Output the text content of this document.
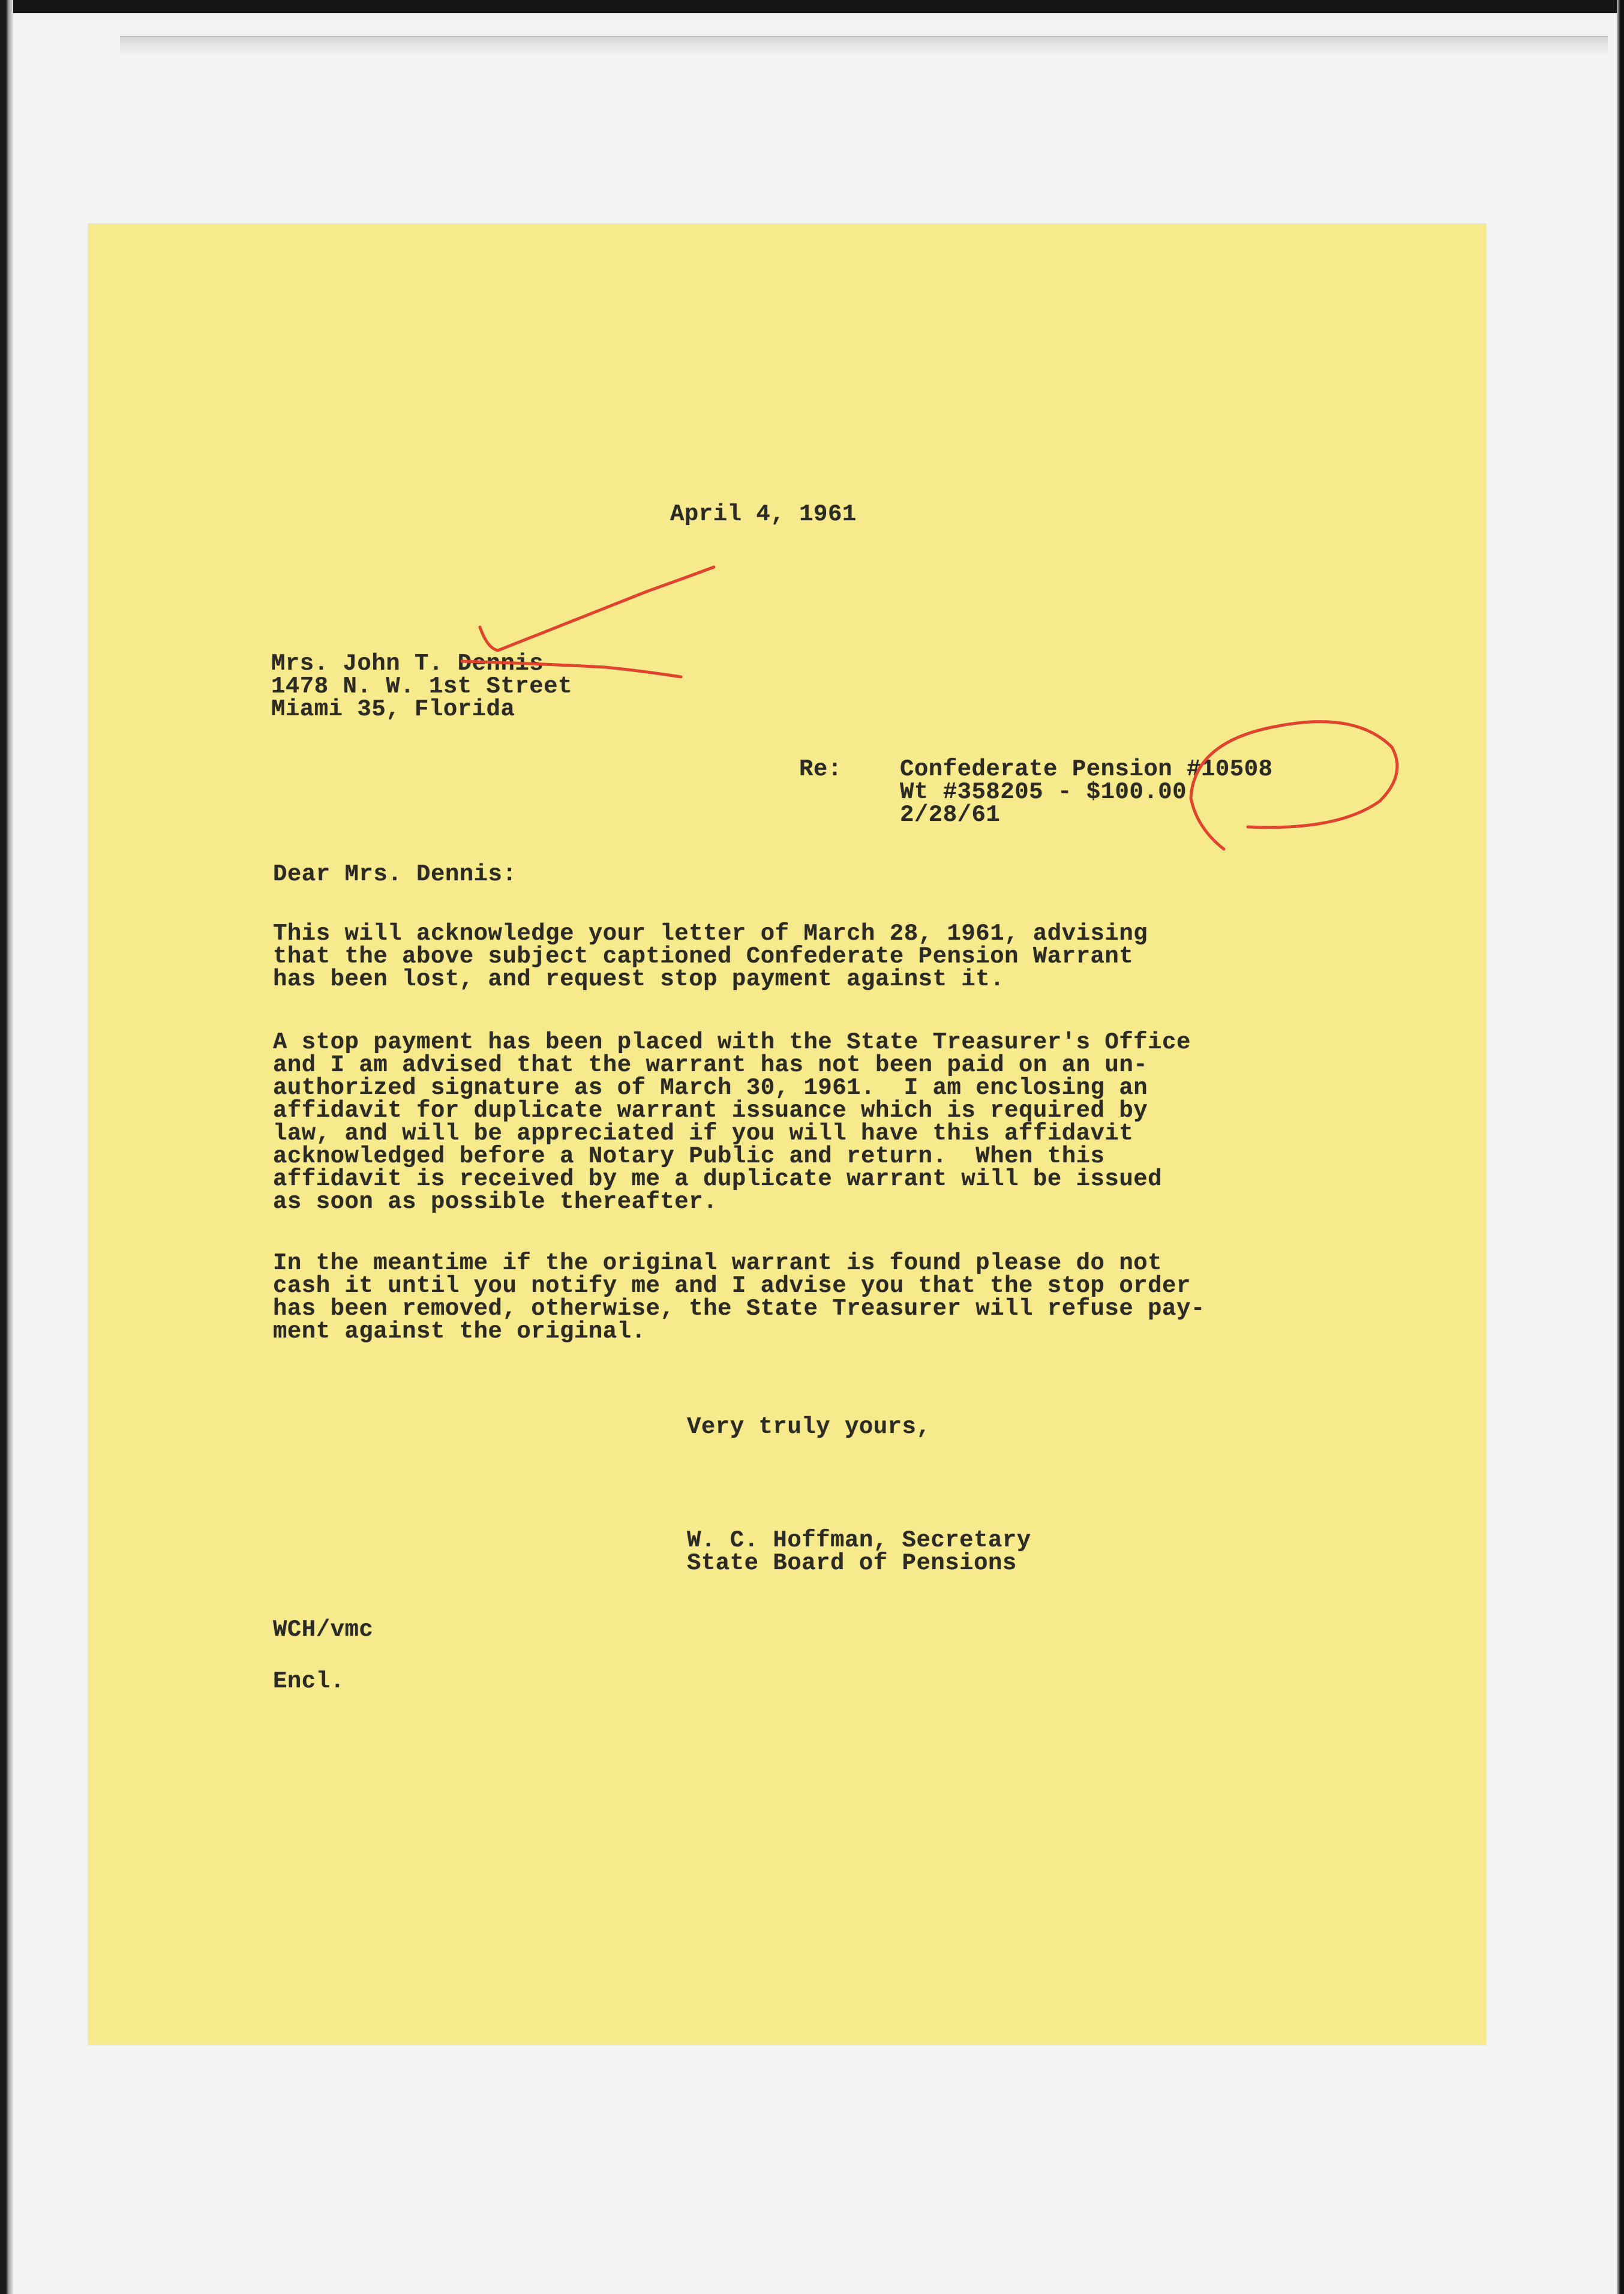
April 4, 1961
Mrs. John T. Dennis
1478 N. W. 1st Street
Miami 35, Florida
Re: Confederate Pension #10508
Wt #358205 - $100.00
2/28/61
Dear Mrs. Dennis:
This will acknowledge your letter of March 28, 1961, advising
that the above subject captioned Confederate Pension Warrant
has been lost, and request stop payment against it.
A stop payment has been placed with the State Treasurer's Office
and I am advised that the warrant has not been paid on an un-
authorized signature as of March 30, 1961.  I am enclosing an
affidavit for duplicate warrant issuance which is required by
law, and will be appreciated if you will have this affidavit
acknowledged before a Notary Public and return.  When this
affidavit is received by me a duplicate warrant will be issued
as soon as possible thereafter.
In the meantime if the original warrant is found please do not
cash it until you notify me and I advise you that the stop order
has been removed, otherwise, the State Treasurer will refuse pay-
ment against the original.
Very truly yours,
W. C. Hoffman, Secretary
State Board of Pensions
WCH/vmc
Encl.
